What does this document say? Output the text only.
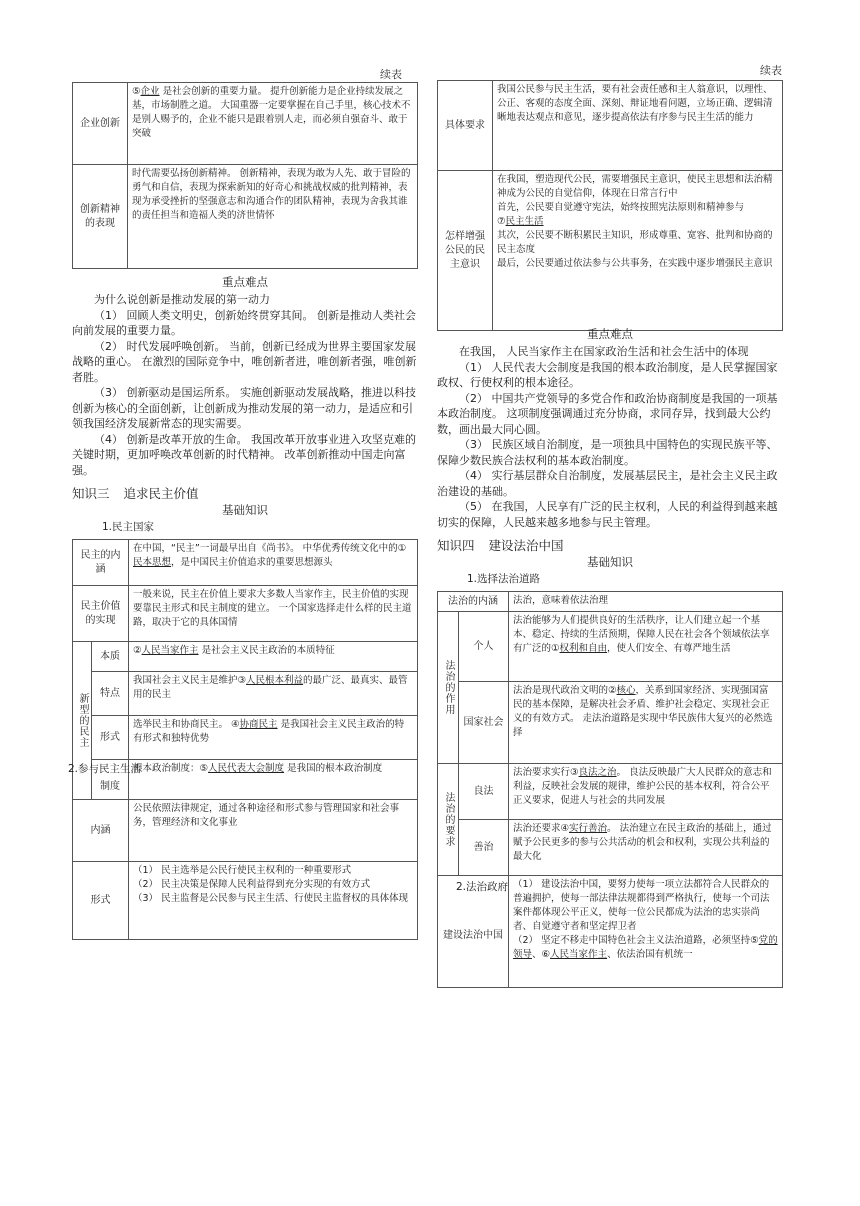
续表
企业创新	⑤企业 是社会创新的重要力量。 提升创新能力是企业持续发展之基，市场制胜之道。 大国重器一定要掌握在自己手里，核心技术不是别人赐予的，企业不能只是跟着别人走，而必须自强奋斗、敢于突破
创新精神的表现	时代需要弘扬创新精神。 创新精神，表现为敢为人先、敢于冒险的勇气和自信，表现为探索新知的好奇心和挑战权威的批判精神，表现为承受挫折的坚强意志和沟通合作的团队精神，表现为舍我其谁的责任担当和造福人类的济世情怀
重点难点

为什么说创新是推动发展的第一动力

（1） 回顾人类文明史，创新始终贯穿其间。 创新是推动人类社会向前发展的重要力量。

（2） 时代发展呼唤创新。 当前，创新已经成为世界主要国家发展战略的重心。 在激烈的国际竞争中，唯创新者进，唯创新者强，唯创新者胜。

（3） 创新驱动是国运所系。 实施创新驱动发展战略，推进以科技创新为核心的全面创新，让创新成为推动发展的第一动力，是适应和引领我国经济发展新常态的现实需要。

（4） 创新是改革开放的生命。 我国改革开放事业进入攻坚克难的关键时期，更加呼唤改革创新的时代精神。 改革创新推动中国走向富强。

知识三 追求民主价值
基础知识
1.民主国家
民主的内涵		在中国，“民主”一词最早出自《尚书》。 中华优秀传统文化中的①民本思想，是中国民主价值追求的重要思想源头
民主价值的实现		一般来说，民主在价值上要求大多数人当家作主，民主价值的实现要靠民主形式和民主制度的建立。 一个国家选择走什么样的民主道路，取决于它的具体国情
新型的民主	本质	②人民当家作主 是社会主义民主政治的本质特征
	特点	我国社会主义民主是维护③人民根本利益的最广泛、最真实、最管用的民主
	形式	选举民主和协商民主。 ④协商民主 是我国社会主义民主政治的特有形式和独特优势

	2.参与民主生活
制度	根本政治制度：⑤人民代表大会制度 是我国的根本政治制度
内涵		公民依照法律规定，通过各种途径和形式参与管理国家和社会事务，管理经济和文化事业
形式		（1） 民主选举是公民行使民主权利的一种重要形式
（2） 民主决策是保障人民利益得到充分实现的有效方式
（3） 民主监督是公民参与民主生活、行使民主监督权的具体体现
续表
具体要求	我国公民参与民主生活，要有社会责任感和主人翁意识，以理性、公正、客观的态度全面、深刻、辩证地看问题，立场正确、逻辑清晰地表达观点和意见，逐步提高依法有序参与民主生活的能力
怎样增强公民的民主意识	在我国，塑造现代公民，需要增强民主意识，使民主思想和法治精神成为公民的自觉信仰，体现在日常言行中
首先，公民要自觉遵守宪法，始终按照宪法原则和精神参与
⑦民主生活
其次，公民要不断积累民主知识，形成尊重、宽容、批判和协商的民主态度
最后，公民要通过依法参与公共事务，在实践中逐步增强民主意识
重点难点

在我国， 人民当家作主在国家政治生活和社会生活中的体现

（1） 人民代表大会制度是我国的根本政治制度，是人民掌握国家政权、行使权利的根本途径。

（2） 中国共产党领导的多党合作和政治协商制度是我国的一项基本政治制度。 这项制度强调通过充分协商，求同存异，找到最大公约数，画出最大同心圆。

（3） 民族区域自治制度，是一项独具中国特色的实现民族平等、保障少数民族合法权利的基本政治制度。

（4） 实行基层群众自治制度，发展基层民主，是社会主义民主政治建设的基础。

（5） 在我国，人民享有广泛的民主权利，人民的利益得到越来越切实的保障，人民越来越多地参与民主管理。

知识四 建设法治中国
基础知识
1.选择法治道路
法治的内涵		法治，意味着依法治理
法治的作用	个人	法治能够为人们提供良好的生活秩序，让人们建立起一个基本、稳定、持续的生活预期，保障人民在社会各个领域依法享有广泛的①权利和自由，使人们安全、有尊严地生活
	国家社会	法治是现代政治文明的②核心，关系到国家经济、实现强国富民的基本保障，是解决社会矛盾、维护社会稳定、实现社会正义的有效方式。 走法治道路是实现中华民族伟大复兴的必然选择
法治的要求	良法	法治要求实行③良法之治。 良法反映最广大人民群众的意志和利益，反映社会发展的规律，维护公民的基本权利，符合公平正义要求，促进人与社会的共同发展
	善治	法治还要求④实行善治。 法治建立在民主政治的基础上，通过赋予公民更多的参与公共活动的机会和权利，实现公共利益的最大化

2.法治政府
建设法治中国		（1） 建设法治中国，要努力使每一项立法都符合人民群众的普遍拥护，使每一部法律法规都得到严格执行，使每一个司法案件都体现公平正义，使每一位公民都成为法治的忠实崇尚者、自觉遵守者和坚定捍卫者
（2） 坚定不移走中国特色社会主义法治道路，必须坚持⑤党的领导、⑥人民当家作主、依法治国有机统一
